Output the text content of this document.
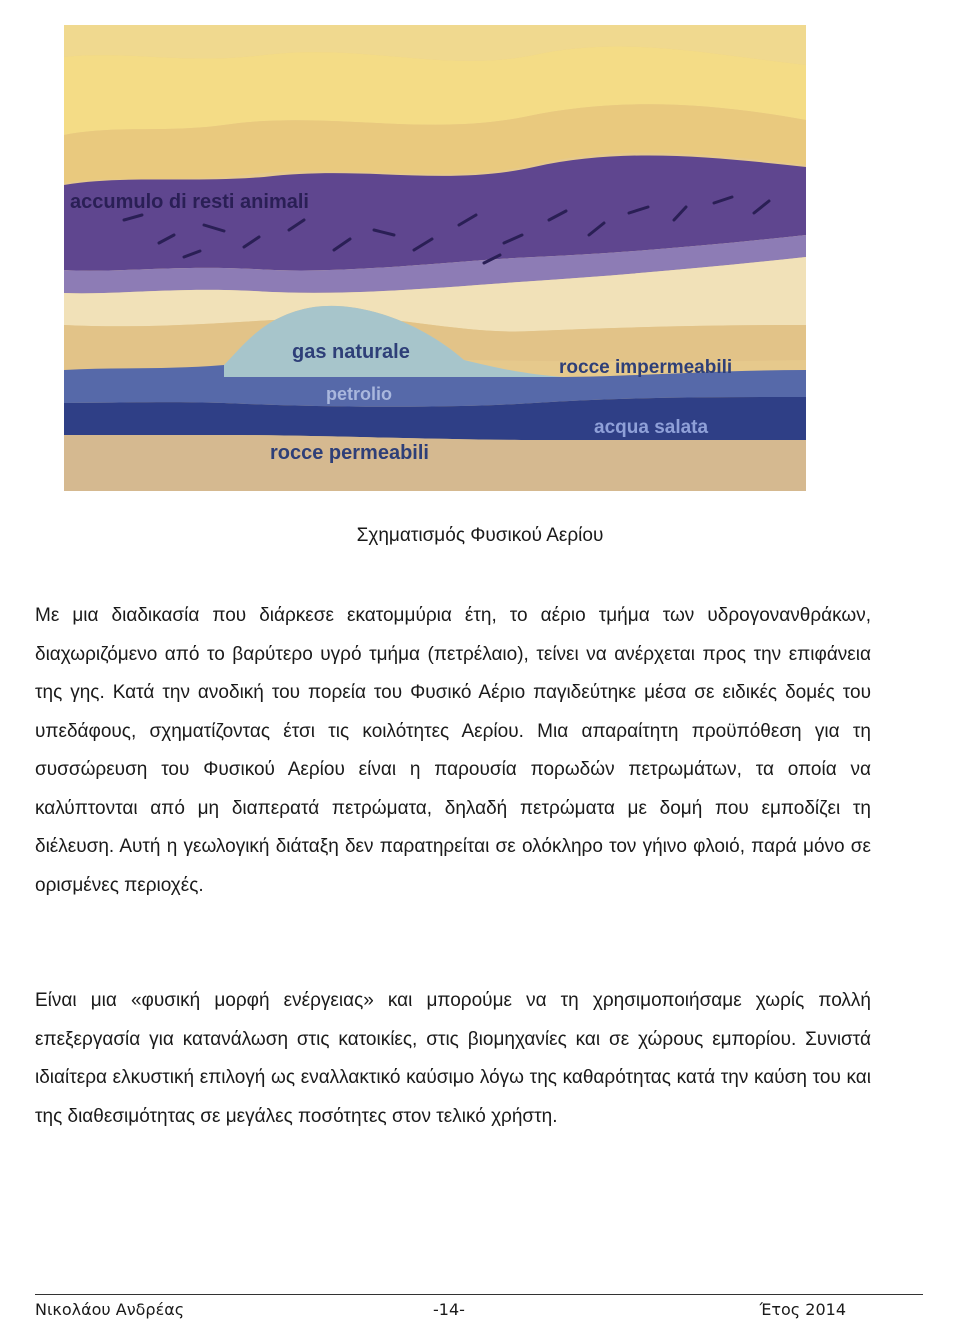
accumulo di resti animali
gas naturale
petrolio
rocce impermeabili
acqua salata
rocce permeabili
Σχηματισμός Φυσικού Αερίου

Με μια διαδικασία που διάρκεσε εκατομμύρια έτη, το αέριο τμήμα των υδρογονανθράκων, διαχωριζόμενο από το βαρύτερο υγρό τμήμα (πετρέλαιο), τείνει να ανέρχεται προς την επιφάνεια της γης. Κατά την ανοδική του πορεία του Φυσικό Αέριο παγιδεύτηκε μέσα σε ειδικές δομές του υπεδάφους, σχηματίζοντας έτσι τις κοιλότητες Αερίου. Μια απαραίτητη προϋπόθεση για τη συσσώρευση του Φυσικού Αερίου είναι η παρουσία πορωδών πετρωμάτων, τα οποία να καλύπτονται από μη διαπερατά πετρώματα, δηλαδή πετρώματα με δομή που εμποδίζει τη διέλευση. Αυτή η γεωλογική διάταξη δεν παρατηρείται σε ολόκληρο τον γήινο φλοιό, παρά μόνο σε ορισμένες περιοχές.

Είναι μια «φυσική μορφή ενέργειας» και μπορούμε να τη χρησιμοποιήσαμε χωρίς πολλή επεξεργασία για κατανάλωση στις κατοικίες, στις βιομηχανίες και σε χώρους εμπορίου. Συνιστά ιδιαίτερα ελκυστική επιλογή ως εναλλακτικό καύσιμο λόγω της καθαρότητας κατά την καύση του και της διαθεσιμότητας σε μεγάλες ποσότητες στον τελικό χρήστη.

Νικολάου Ανδρέας	-14-	Έτος 2014
